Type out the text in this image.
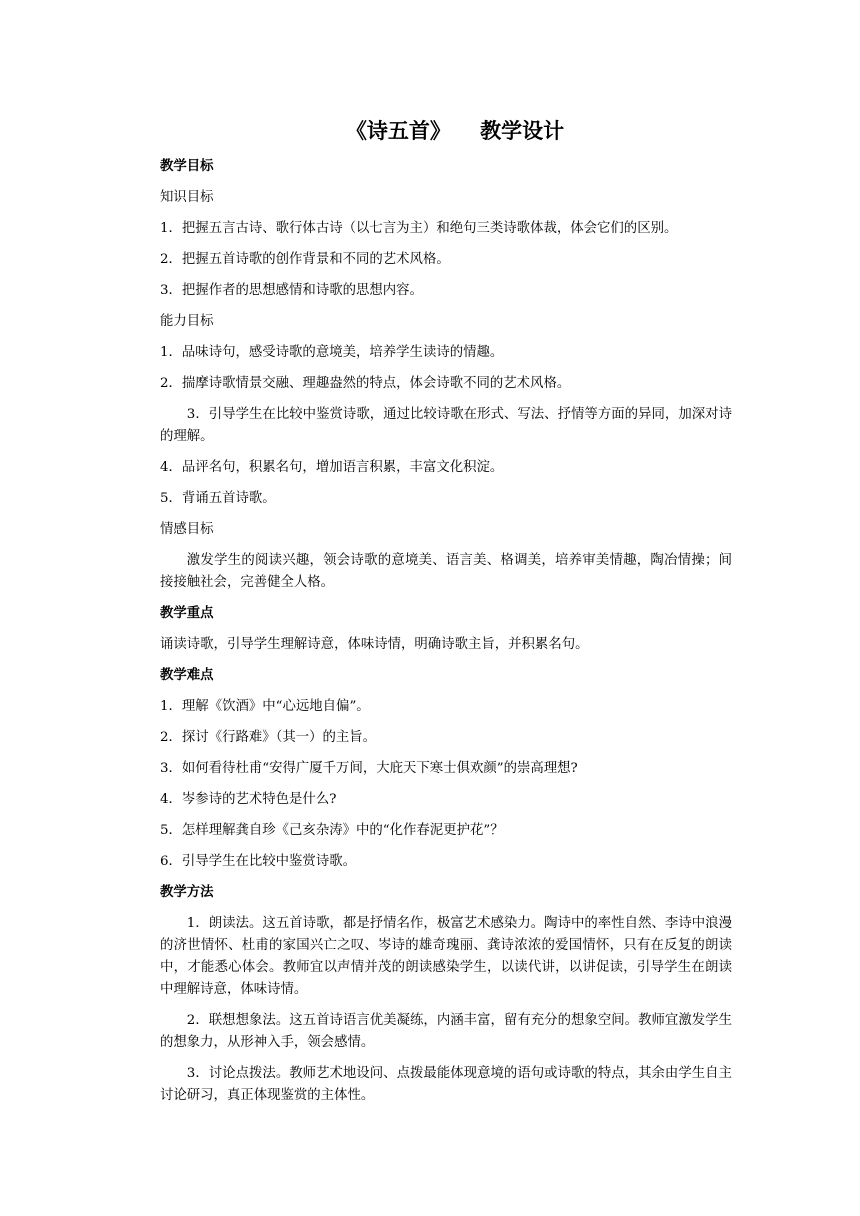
《诗五首》    教学设计
教学目标
知识目标
1．把握五言古诗、歌行体古诗（以七言为主）和绝句三类诗歌体裁，体会它们的区别。
2．把握五首诗歌的创作背景和不同的艺术风格。
3．把握作者的思想感情和诗歌的思想内容。
能力目标
1．品味诗句，感受诗歌的意境美，培养学生读诗的情趣。
2．揣摩诗歌情景交融、理趣盎然的特点，体会诗歌不同的艺术风格。
3．引导学生在比较中鉴赏诗歌，通过比较诗歌在形式、写法、抒情等方面的异同，加深对诗的理解。
4．品评名句，积累名句，增加语言积累，丰富文化积淀。
5．背诵五首诗歌。
情感目标
激发学生的阅读兴趣，领会诗歌的意境美、语言美、格调美，培养审美情趣，陶冶情操；间接接触社会，完善健全人格。
教学重点
诵读诗歌，引导学生理解诗意，体味诗情，明确诗歌主旨，并积累名句。
教学难点
1．理解《饮酒》中“心远地自偏”。
2．探讨《行路难》（其一）的主旨。
3．如何看待杜甫“安得广厦千万间，大庇天下寒士俱欢颜”的崇高理想?
4．岑参诗的艺术特色是什么?
5．怎样理解龚自珍《己亥杂涛》中的“化作春泥更护花”？
6．引导学生在比较中鉴赏诗歌。
教学方法
1．朗读法。这五首诗歌，都是抒情名作，极富艺术感染力。陶诗中的率性自然、李诗中浪漫的济世情怀、杜甫的家国兴亡之叹、岑诗的雄奇瑰丽、龚诗浓浓的爱国情怀，只有在反复的朗读中，才能悉心体会。教师宜以声情并茂的朗读感染学生，以读代讲，以讲促读，引导学生在朗读中理解诗意，体味诗情。
2．联想想象法。这五首诗语言优美凝练，内涵丰富，留有充分的想象空间。教师宜激发学生的想象力，从形神入手，领会感情。
3．讨论点拨法。教师艺术地设问、点拨最能体现意境的语句或诗歌的特点，其余由学生自主讨论研习，真正体现鉴赏的主体性。
